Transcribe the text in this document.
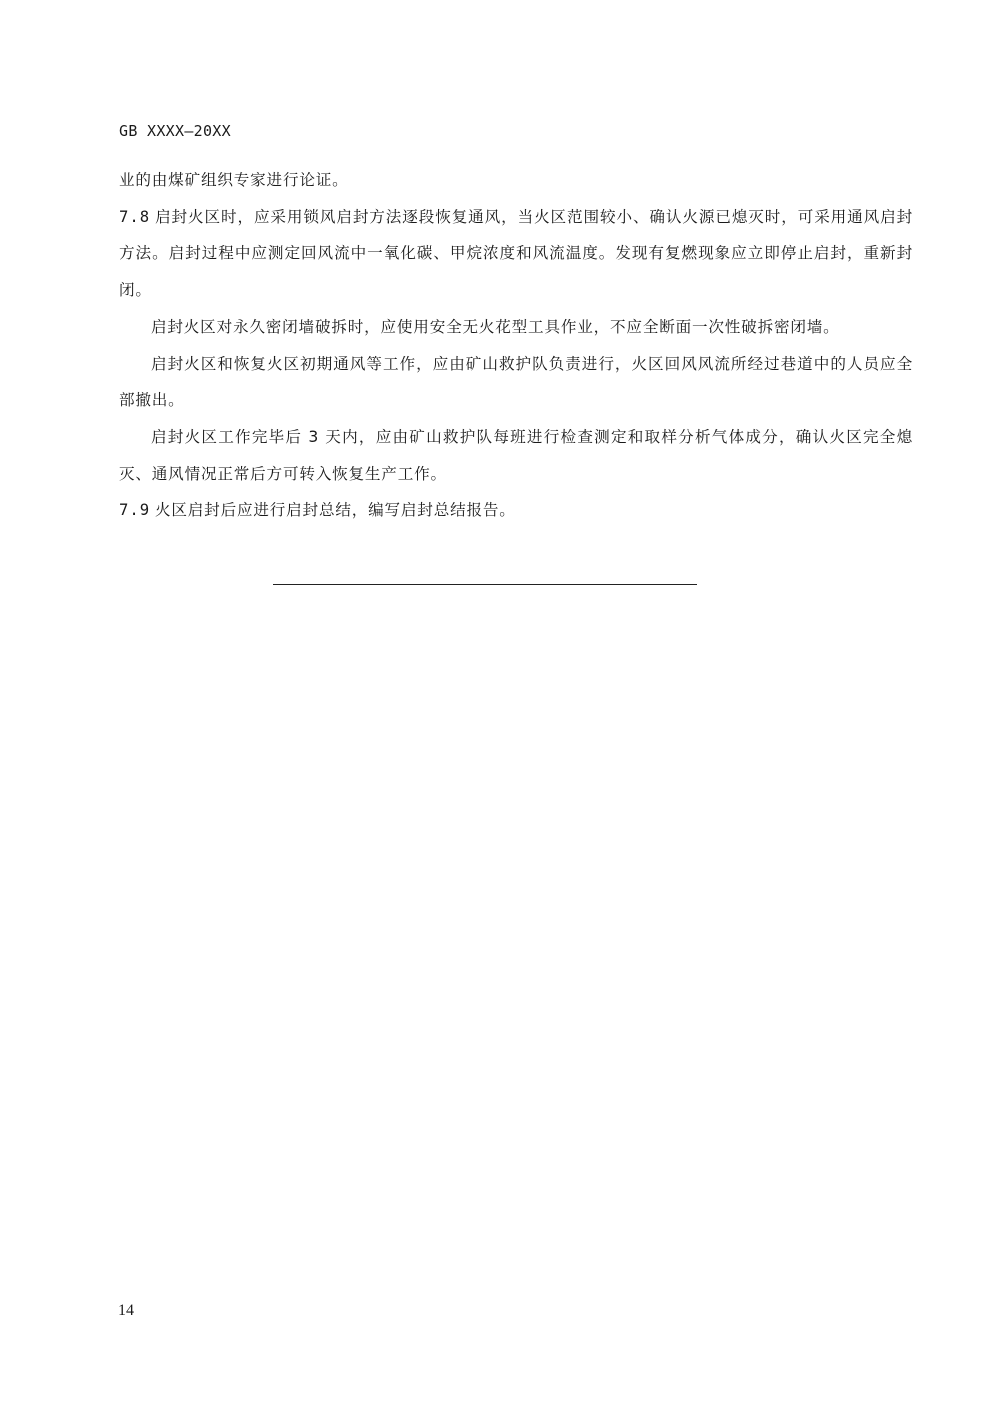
GB XXXX—20XX

业的由煤矿组织专家进行论证。

7.8 启封火区时，应采用锁风启封方法逐段恢复通风，当火区范围较小、确认火源已熄灭时，可采用通风启封方法。启封过程中应测定回风流中一氧化碳、甲烷浓度和风流温度。发现有复燃现象应立即停止启封，重新封闭。

启封火区对永久密闭墙破拆时，应使用安全无火花型工具作业，不应全断面一次性破拆密闭墙。

启封火区和恢复火区初期通风等工作，应由矿山救护队负责进行，火区回风风流所经过巷道中的人员应全部撤出。

启封火区工作完毕后 3 天内，应由矿山救护队每班进行检查测定和取样分析气体成分，确认火区完全熄灭、通风情况正常后方可转入恢复生产工作。

7.9 火区启封后应进行启封总结，编写启封总结报告。

14
